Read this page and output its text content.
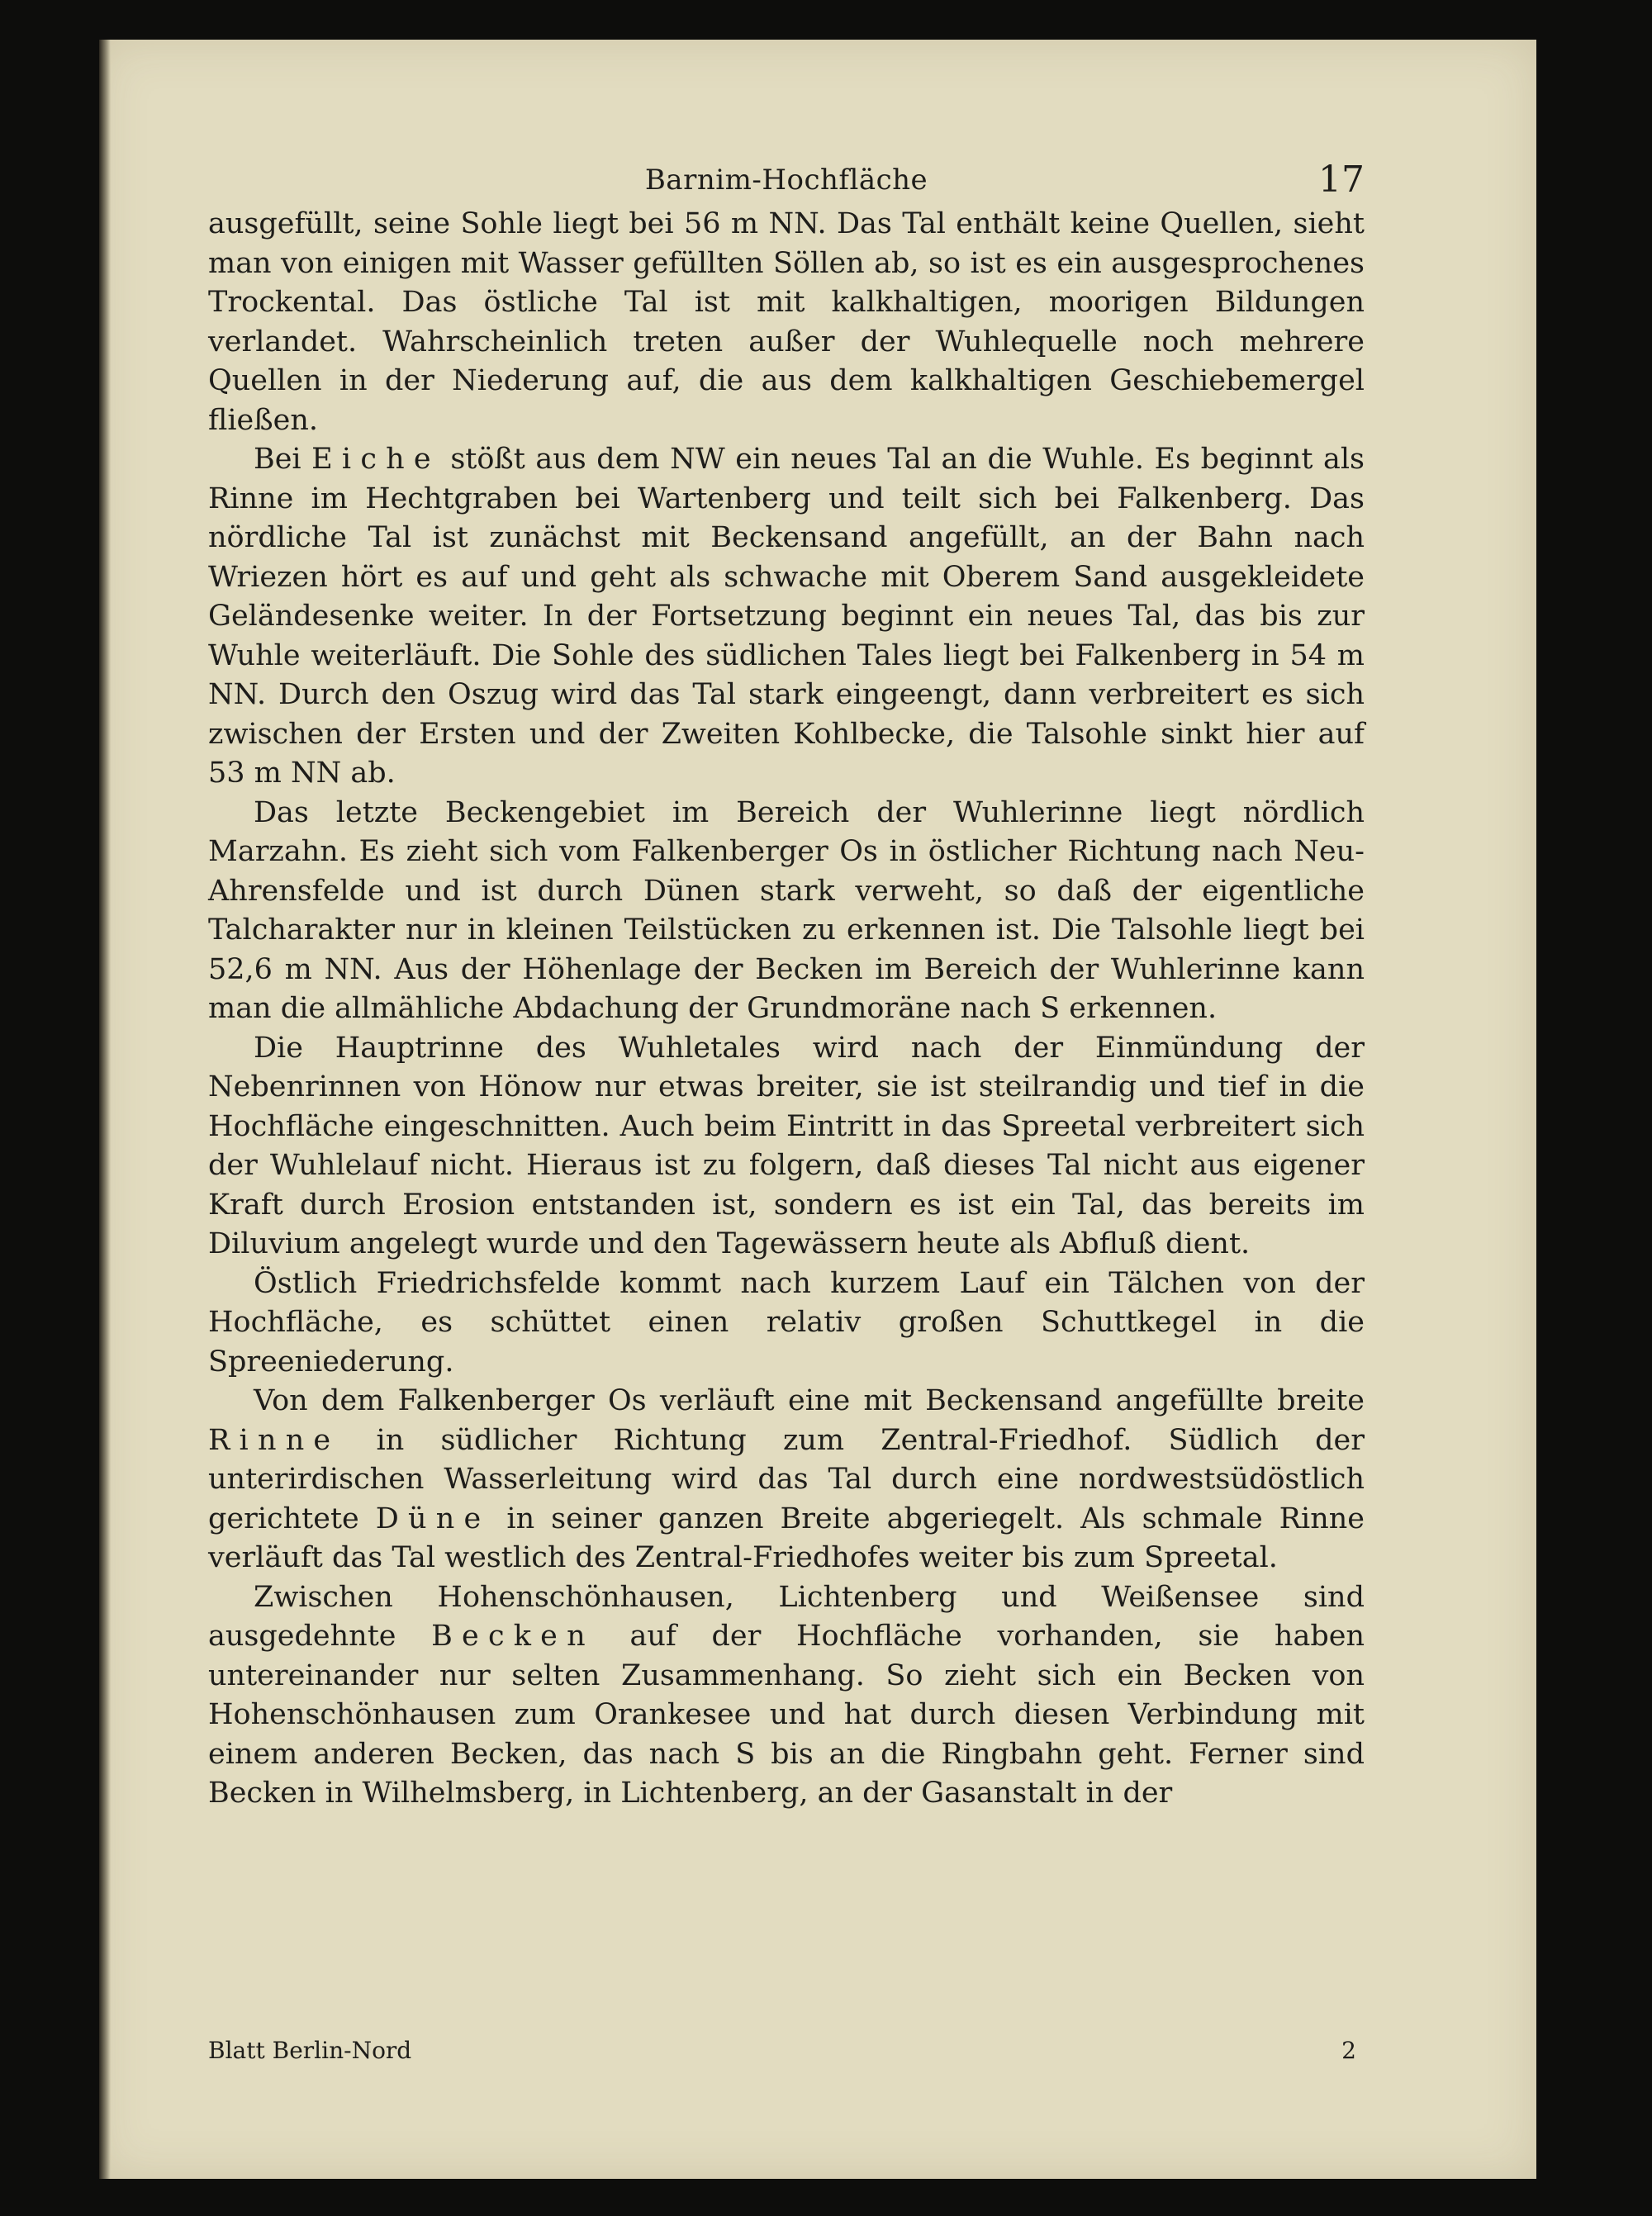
Barnim-Hochfläche	17

ausgefüllt, seine Sohle liegt bei 56 m NN. Das Tal enthält keine Quellen, sieht man von einigen mit Wasser gefüllten Söllen ab, so ist es ein ausgesprochenes Trockental. Das östliche Tal ist mit kalkhaltigen, moorigen Bildungen verlandet. Wahrscheinlich treten außer der Wuhlequelle noch mehrere Quellen in der Niederung auf, die aus dem kalkhaltigen Geschiebemergel fließen.

Bei Eiche stößt aus dem NW ein neues Tal an die Wuhle. Es beginnt als Rinne im Hechtgraben bei Wartenberg und teilt sich bei Falkenberg. Das nördliche Tal ist zunächst mit Beckensand angefüllt, an der Bahn nach Wriezen hört es auf und geht als schwache mit Oberem Sand ausgekleidete Geländesenke weiter. In der Fortsetzung beginnt ein neues Tal, das bis zur Wuhle weiterläuft. Die Sohle des südlichen Tales liegt bei Falkenberg in 54 m NN. Durch den Oszug wird das Tal stark eingeengt, dann verbreitert es sich zwischen der Ersten und der Zweiten Kohlbecke, die Talsohle sinkt hier auf 53 m NN ab.

Das letzte Beckengebiet im Bereich der Wuhlerinne liegt nördlich Marzahn. Es zieht sich vom Falkenberger Os in östlicher Richtung nach Neu-Ahrensfelde und ist durch Dünen stark verweht, so daß der eigentliche Talcharakter nur in kleinen Teilstücken zu erkennen ist. Die Talsohle liegt bei 52,6 m NN. Aus der Höhenlage der Becken im Bereich der Wuhlerinne kann man die allmähliche Abdachung der Grundmoräne nach S erkennen.

Die Hauptrinne des Wuhletales wird nach der Einmündung der Nebenrinnen von Hönow nur etwas breiter, sie ist steilrandig und tief in die Hochfläche eingeschnitten. Auch beim Eintritt in das Spreetal verbreitert sich der Wuhlelauf nicht. Hieraus ist zu folgern, daß dieses Tal nicht aus eigener Kraft durch Erosion entstanden ist, sondern es ist ein Tal, das bereits im Diluvium angelegt wurde und den Tagewässern heute als Abfluß dient.

Östlich Friedrichsfelde kommt nach kurzem Lauf ein Tälchen von der Hochfläche, es schüttet einen relativ großen Schuttkegel in die Spreeniederung.

Von dem Falkenberger Os verläuft eine mit Beckensand angefüllte breite Rinne in südlicher Richtung zum Zentral-Friedhof. Südlich der unterirdischen Wasserleitung wird das Tal durch eine nordwestsüdöstlich gerichtete Düne in seiner ganzen Breite abgeriegelt. Als schmale Rinne verläuft das Tal westlich des Zentral-Friedhofes weiter bis zum Spreetal.

Zwischen Hohenschönhausen, Lichtenberg und Weißensee sind ausgedehnte Becken auf der Hochfläche vorhanden, sie haben untereinander nur selten Zusammenhang. So zieht sich ein Becken von Hohenschönhausen zum Orankesee und hat durch diesen Verbindung mit einem anderen Becken, das nach S bis an die Ringbahn geht. Ferner sind Becken in Wilhelmsberg, in Lichtenberg, an der Gasanstalt in der

Blatt Berlin-Nord	2
